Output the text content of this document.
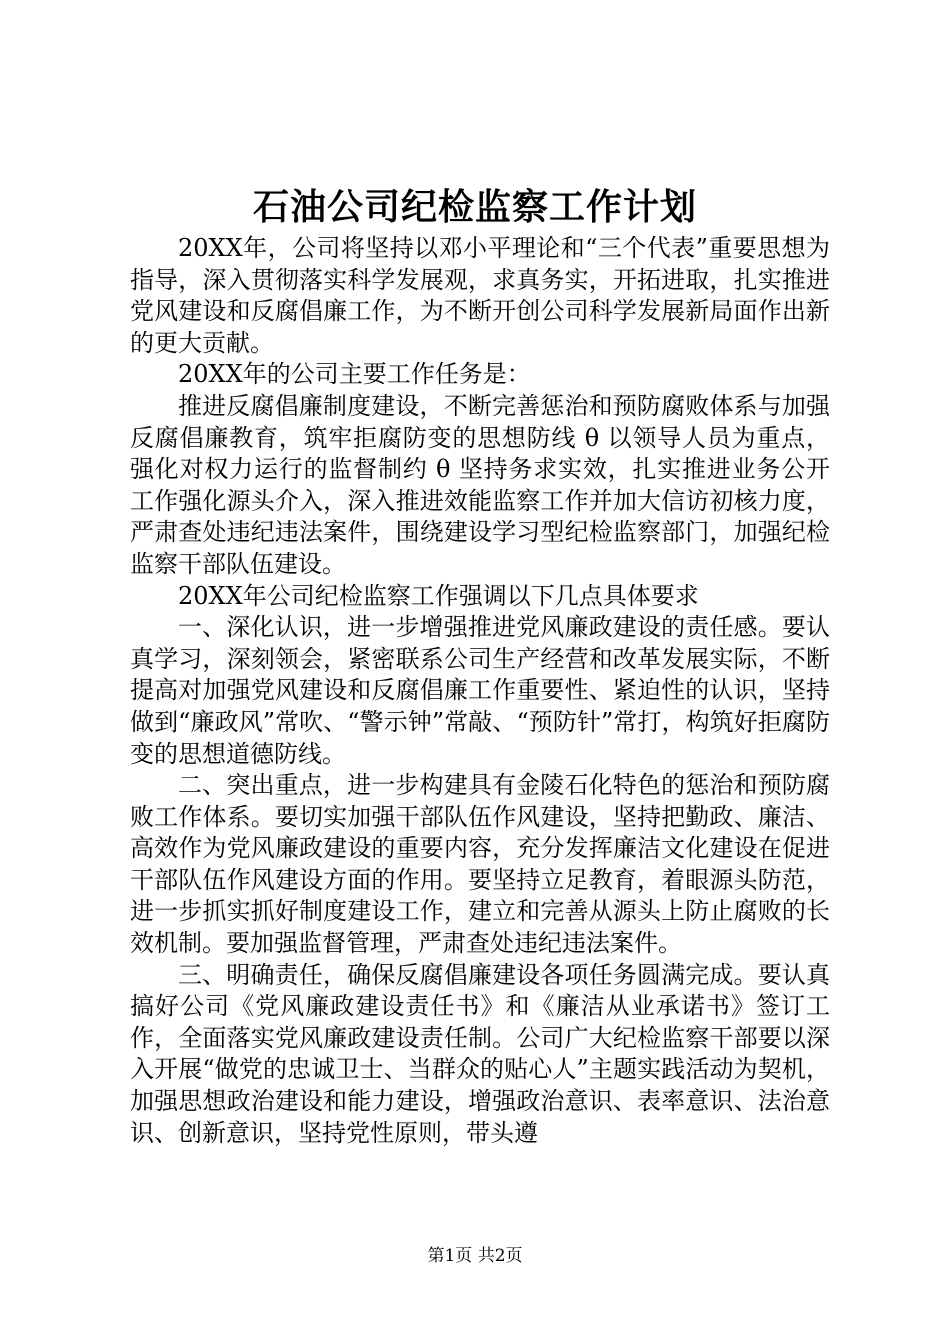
石油公司纪检监察工作计划

20XX年，公司将坚持以邓小平理论和“三个代表”重要思想为指导，深入贯彻落实科学发展观，求真务实，开拓进取，扎实推进党风建设和反腐倡廉工作，为不断开创公司科学发展新局面作出新的更大贡献。

20XX年的公司主要工作任务是：

推进反腐倡廉制度建设，不断完善惩治和预防腐败体系与加强反腐倡廉教育，筑牢拒腐防变的思想防线 θ 以领导人员为重点，强化对权力运行的监督制约 θ 坚持务求实效，扎实推进业务公开工作强化源头介入，深入推进效能监察工作并加大信访初核力度，严肃查处违纪违法案件，围绕建设学习型纪检监察部门，加强纪检监察干部队伍建设。

20XX年公司纪检监察工作强调以下几点具体要求

一、深化认识，进一步增强推进党风廉政建设的责任感。要认真学习，深刻领会，紧密联系公司生产经营和改革发展实际，不断提高对加强党风建设和反腐倡廉工作重要性、紧迫性的认识，坚持做到“廉政风”常吹、“警示钟”常敲、“预防针”常打，构筑好拒腐防变的思想道德防线。

二、突出重点，进一步构建具有金陵石化特色的惩治和预防腐败工作体系。要切实加强干部队伍作风建设，坚持把勤政、廉洁、高效作为党风廉政建设的重要内容，充分发挥廉洁文化建设在促进干部队伍作风建设方面的作用。要坚持立足教育，着眼源头防范，进一步抓实抓好制度建设工作，建立和完善从源头上防止腐败的长效机制。要加强监督管理，严肃查处违纪违法案件。

三、明确责任，确保反腐倡廉建设各项任务圆满完成。要认真搞好公司《党风廉政建设责任书》和《廉洁从业承诺书》签订工作，全面落实党风廉政建设责任制。公司广大纪检监察干部要以深入开展“做党的忠诚卫士、当群众的贴心人”主题实践活动为契机，加强思想政治建设和能力建设，增强政治意识、表率意识、法治意识、创新意识，坚持党性原则，带头遵

第1页 共2页
